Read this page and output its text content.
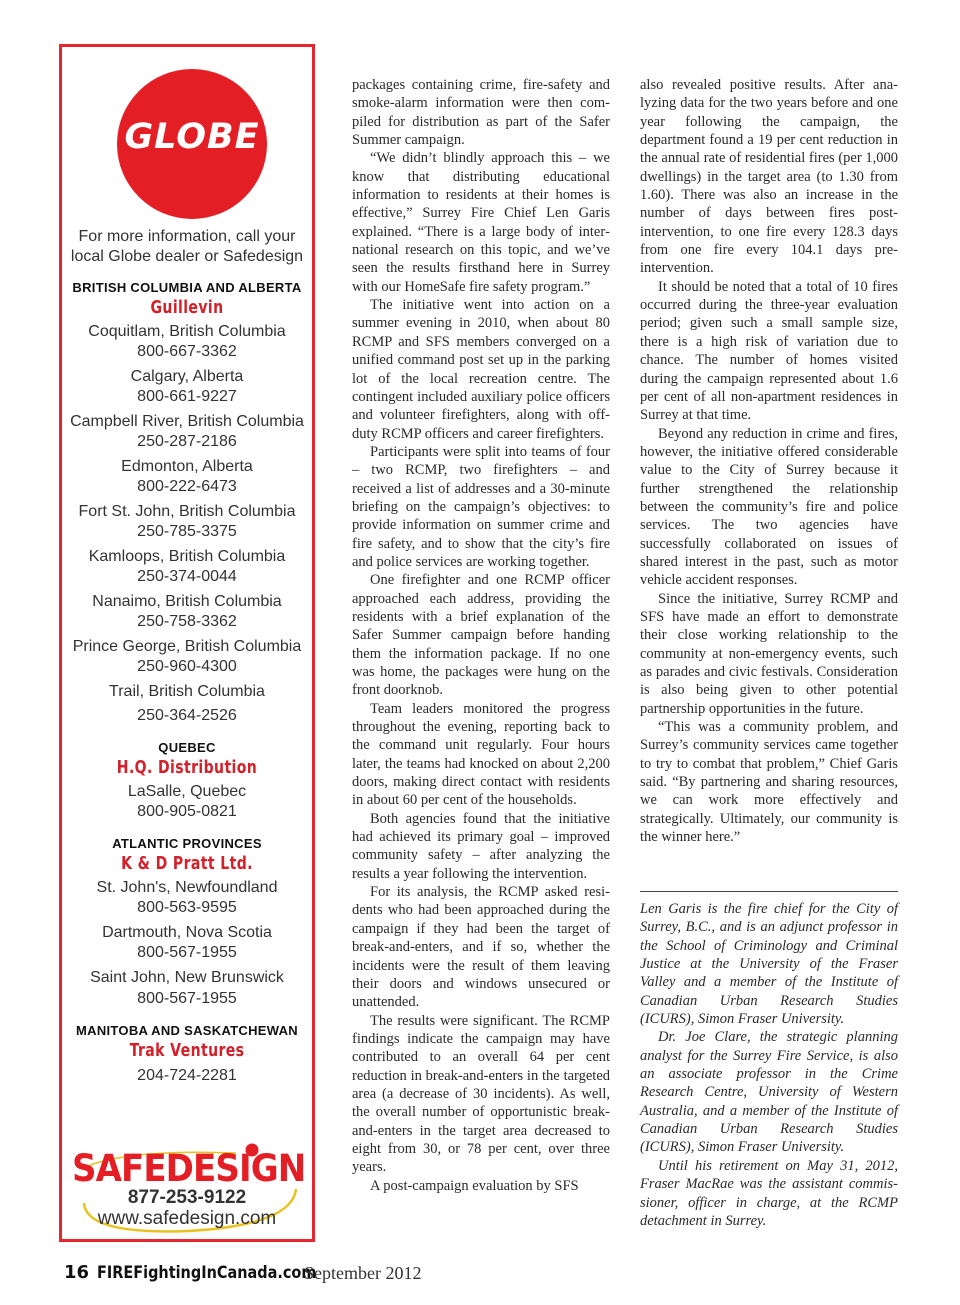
GLOBE
For more information, call your
local Globe dealer or Safedesign
BRITISH COLUMBIA AND ALBERTA
Guillevin
Coquitlam, British Columbia
800-667-3362
Calgary, Alberta
800-661-9227
Campbell River, British Columbia
250-287-2186
Edmonton, Alberta
800-222-6473
Fort St. John, British Columbia
250-785-3375
Kamloops, British Columbia
250-374-0044
Nanaimo, British Columbia
250-758-3362
Prince George, British Columbia
250-960-4300
Trail, British Columbia
250-364-2526
QUEBEC
H.Q. Distribution
LaSalle, Quebec
800-905-0821
ATLANTIC PROVINCES
K & D Pratt Ltd.
St. John's, Newfoundland
800-563-9595
Dartmouth, Nova Scotia
800-567-1955
Saint John, New Brunswick
800-567-1955
MANITOBA AND SASKATCHEWAN
Trak Ventures
204-724-2281
SAFEDESIGN
877-253-9122
www.safedesign.com

packages containing crime, fire-safety and smoke-alarm information were then compiled for distribution as part of the Safer Summer campaign.

“We didn’t blindly approach this – we know that distributing educational information to residents at their homes is effective,” Surrey Fire Chief Len Garis explained. “There is a large body of international research on this topic, and we’ve seen the results firsthand here in Surrey with our HomeSafe fire safety program.”

The initiative went into action on a summer evening in 2010, when about 80 RCMP and SFS members converged on a unified command post set up in the parking lot of the local recreation centre. The contingent included auxiliary police officers and volunteer firefighters, along with off-duty RCMP officers and career firefighters.

Participants were split into teams of four – two RCMP, two firefighters – and received a list of addresses and a 30-minute briefing on the campaign’s objectives: to provide information on summer crime and fire safety, and to show that the city’s fire and police services are working together.

One firefighter and one RCMP officer approached each address, providing the residents with a brief explanation of the Safer Summer campaign before handing them the information package. If no one was home, the packages were hung on the front doorknob.

Team leaders monitored the progress throughout the evening, reporting back to the command unit regularly. Four hours later, the teams had knocked on about 2,200 doors, making direct contact with residents in about 60 per cent of the households.

Both agencies found that the initiative had achieved its primary goal – improved community safety – after analyzing the results a year following the intervention.

For its analysis, the RCMP asked residents who had been approached during the campaign if they had been the target of break-and-enters, and if so, whether the incidents were the result of them leaving their doors and windows unsecured or unattended.

The results were significant. The RCMP findings indicate the campaign may have contributed to an overall 64 per cent reduction in break-and-enters in the targeted area (a decrease of 30 incidents). As well, the overall number of opportunistic break-and-enters in the target area decreased to eight from 30, or 78 per cent, over three years.

A post-campaign evaluation by SFS

also revealed positive results. After analyzing data for the two years before and one year following the campaign, the department found a 19 per cent reduction in the annual rate of residential fires (per 1,000 dwellings) in the target area (to 1.30 from 1.60). There was also an increase in the number of days between fires post-intervention, to one fire every 128.3 days from one fire every 104.1 days pre-intervention.

It should be noted that a total of 10 fires occurred during the three-year evaluation period; given such a small sample size, there is a high risk of variation due to chance. The number of homes visited during the campaign represented about 1.6 per cent of all non-apartment residences in Surrey at that time.

Beyond any reduction in crime and fires, however, the initiative offered considerable value to the City of Surrey because it further strengthened the relationship between the community’s fire and police services. The two agencies have successfully collaborated on issues of shared interest in the past, such as motor vehicle accident responses.

Since the initiative, Surrey RCMP and SFS have made an effort to demonstrate their close working relationship to the community at non-emergency events, such as parades and civic festivals. Consideration is also being given to other potential partnership opportunities in the future.

“This was a community problem, and Surrey’s community services came together to try to combat that problem,” Chief Garis said. “By partnering and sharing resources, we can work more effectively and strategically. Ultimately, our community is the winner here.”

Len Garis is the fire chief for the City of Surrey, B.C., and is an adjunct professor in the School of Criminology and Criminal Justice at the University of the Fraser Valley and a member of the Institute of Canadian Urban Research Studies (ICURS), Simon Fraser University.

Dr. Joe Clare, the strategic planning analyst for the Surrey Fire Service, is also an associate professor in the Crime Research Centre, University of Western Australia, and a member of the Institute of Canadian Urban Research Studies (ICURS), Simon Fraser University.

Until his retirement on May 31, 2012, Fraser MacRae was the assistant commissioner, officer in charge, at the RCMP detachment in Surrey.

16 FIREFightingInCanada.com
September 2012
